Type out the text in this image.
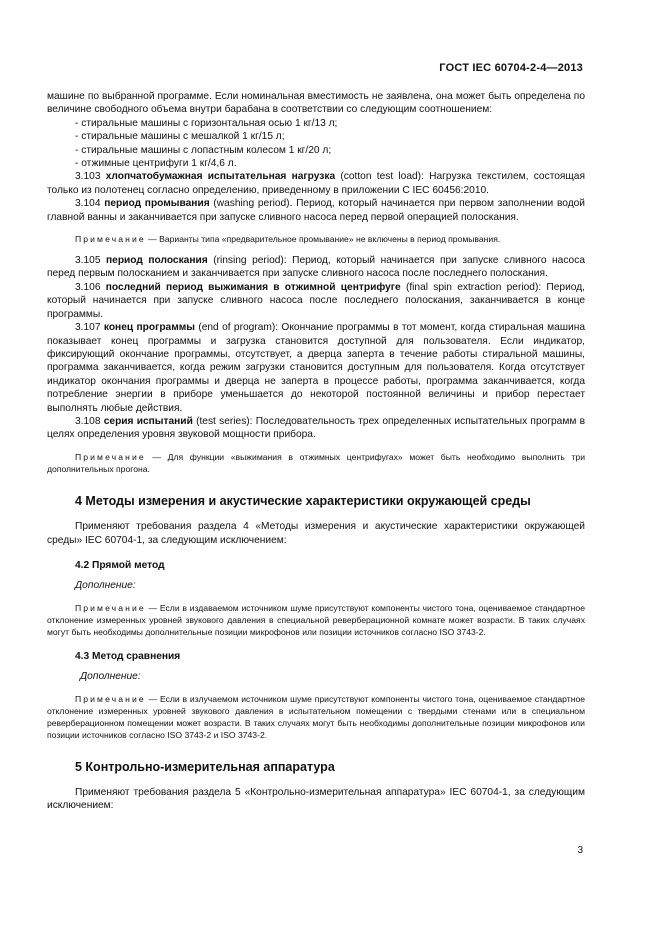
ГОСТ IEC 60704-2-4—2013

машине по выбранной программе. Если номинальная вместимость не заявлена, она может быть определена по величине свободного объема внутри барабана в соответствии со следующим соотношением:

- стиральные машины с горизонтальная осью 1 кг/13 л;
- стиральные машины с мешалкой 1 кг/15 л;
- стиральные машины с лопастным колесом 1 кг/20 л;
- отжимные центрифуги 1 кг/4,6 л.

3.103 хлопчатобумажная испытательная нагрузка (cotton test load): Нагрузка текстилем, состоящая только из полотенец согласно определению, приведенному в приложении С IEC 60456:2010.

3.104 период промывания (washing period). Период, который начинается при первом заполнении водой главной ванны и заканчивается при запуске сливного насоса перед первой операцией полоскания.

Примечание — Варианты типа «предварительное промывание» не включены в период промывания.

3.105 период полоскания (rinsing period): Период, который начинается при запуске сливного насоса перед первым полосканием и заканчивается при запуске сливного насоса после последнего полоскания.

3.106 последний период выжимания в отжимной центрифуге (final spin extraction period): Период, который начинается при запуске сливного насоса после последнего полоскания, заканчивается в конце программы.

3.107 конец программы (end of program): Окончание программы в тот момент, когда стиральная машина показывает конец программы и загрузка становится доступной для пользователя. Если индикатор, фиксирующий окончание программы, отсутствует, а дверца заперта в течение работы стиральной машины, программа заканчивается, когда режим загрузки становится доступным для пользователя. Когда отсутствует индикатор окончания программы и дверца не заперта в процессе работы, программа заканчивается, когда потребление энергии в приборе уменьшается до некоторой постоянной величины и прибор перестает выполнять любые действия.

3.108 серия испытаний (test series): Последовательность трех определенных испытательных программ в целях определения уровня звуковой мощности прибора.

Примечание — Для функции «выжимания в отжимных центрифугах» может быть необходимо выполнить три дополнительных прогона.

4 Методы измерения и акустические характеристики окружающей среды

Применяют требования раздела 4 «Методы измерения и акустические характеристики окружающей среды» IEC 60704-1, за следующим исключением:

4.2 Прямой метод

Дополнение:

Примечание — Если в издаваемом источником шуме присутствуют компоненты чистого тона, оцениваемое стандартное отклонение измеренных уровней звукового давления в специальной реверберационной комнате может возрасти. В таких случаях могут быть необходимы дополнительные позиции микрофонов или позиции источников согласно ISO 3743-2.

4.3 Метод сравнения

Дополнение:

Примечание — Если в излучаемом источником шуме присутствуют компоненты чистого тона, оцениваемое стандартное отклонение измеренных уровней звукового давления в испытательном помещении с твердыми стенами или в специальном реверберационном помещении может возрасти. В таких случаях могут быть необходимы дополнительные позиции микрофонов или позиции источников согласно ISO 3743-2 и ISO 3743-2.

5 Контрольно-измерительная аппаратура

Применяют требования раздела 5 «Контрольно-измерительная аппаратура» IEC 60704-1, за следующим исключением:

3
